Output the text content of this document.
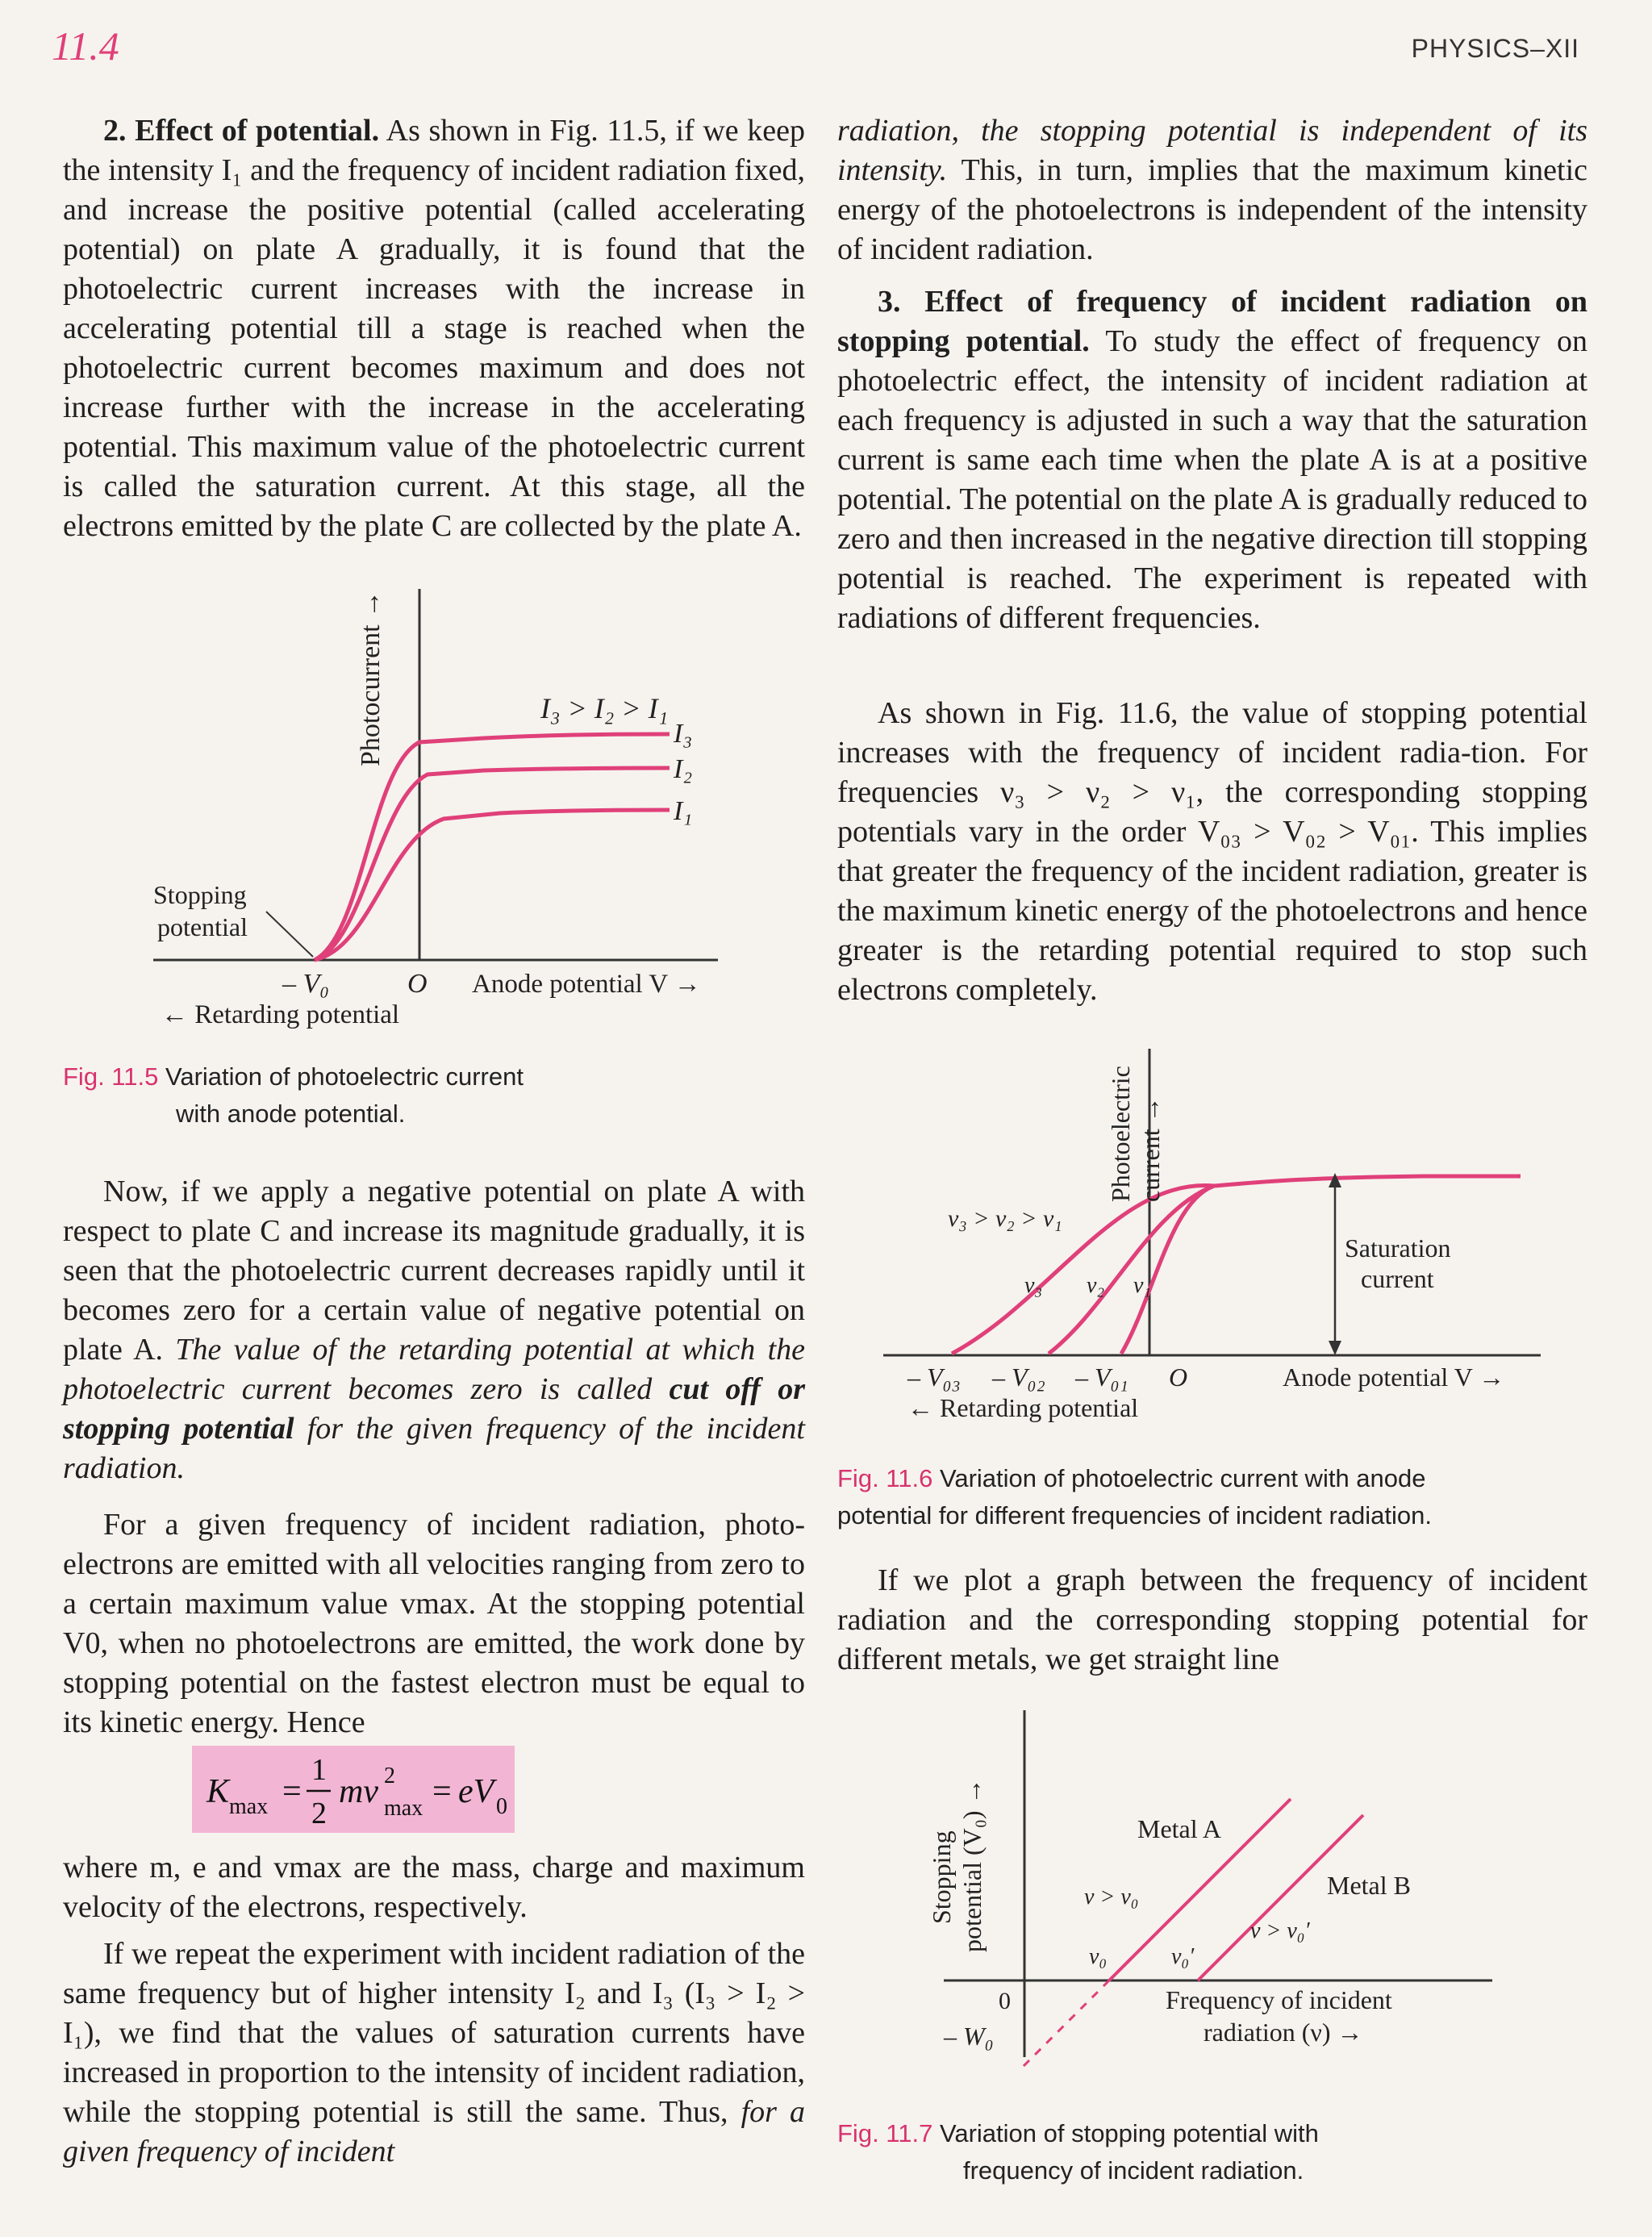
11.4	PHYSICS–XII
2. Effect of potential. As shown in Fig. 11.5, if we keep the intensity I₁ and the frequency of incident radiation fixed, and increase the positive potential (called accelerating potential) on plate A gradually, it is found that the photoelectric current increases with the increase in accelerating potential till a stage is reached when the photoelectric current becomes maximum and does not increase further with the increase in the accelerating potential. This maximum value of the photoelectric current is called the saturation current. At this stage, all the electrons emitted by the plate C are collected by the plate A.
Photocurrent →	I₃ > I₂ > I₁
I₃
I₂
I₁
Stopping
potential
– V₀	O Anode potential V →
← Retarding potential
Fig. 11.5 Variation of photoelectric current
with anode potential.
Now, if we apply a negative potential on plate A with respect to plate C and increase its magnitude gradually, it is seen that the photoelectric current decreases rapidly until it becomes zero for a certain value of negative potential on plate A. The value of the retarding potential at which the photoelectric current becomes zero is called cut off or stopping potential for the given frequency of the incident radiation.
For a given frequency of incident radiation, photo-electrons are emitted with all velocities ranging from zero to a certain maximum value vmax. At the stopping potential V0, when no photoelectrons are emitted, the work done by stopping potential on the fastest electron must be equal to its kinetic energy. Hence
K max =
1
2
mv 2
max = eV 0
where m, e and vmax are the mass, charge and maximum velocity of the electrons, respectively.
If we repeat the experiment with incident radiation of the same frequency but of higher intensity I₂ and I₃ (I₃ > I₂ > I₁), we find that the values of saturation currents have increased in proportion to the intensity of incident radiation, while the stopping potential is still the same. Thus, for a given frequency of incident
radiation, the stopping potential is independent of its intensity. This, in turn, implies that the maximum kinetic energy of the photoelectrons is independent of the intensity of incident radiation.
3. Effect of frequency of incident radiation on stopping potential. To study the effect of frequency on photoelectric effect, the intensity of incident radiation at each frequency is adjusted in such a way that the saturation current is same each time when the plate A is at a positive potential. The potential on the plate A is gradually reduced to zero and then increased in the negative direction till stopping potential is reached. The experiment is repeated with radiations of different frequencies.
As shown in Fig. 11.6, the value of stopping potential increases with the frequency of incident radia-tion. For frequencies ν₃ > ν₂ > ν₁, the corresponding stopping potentials vary in the order V₀₃ > V₀₂ > V₀₁. This implies that greater the frequency of the incident radiation, greater is the maximum kinetic energy of the photoelectrons and hence greater is the retarding potential required to stop such electrons completely.
Photoelectric current →
ν₃ > ν₂ > ν₁
ν₃ ν₂ ν₁
Saturation
current
– V₀₃ – V₀₂ – V₀₁ O	Anode potential V →
← Retarding potential
Fig. 11.6 Variation of photoelectric current with anode
potential for different frequencies of incident radiation.
If we plot a graph between the frequency of incident radiation and the corresponding stopping potential for different metals, we get straight line
Stopping potential (V₀) →	Metal A
Metal B
ν > ν₀
ν > ν₀′
ν₀	ν₀′
0
– W₀
Frequency of incident
radiation (ν) →
Fig. 11.7 Variation of stopping potential with
frequency of incident radiation.
